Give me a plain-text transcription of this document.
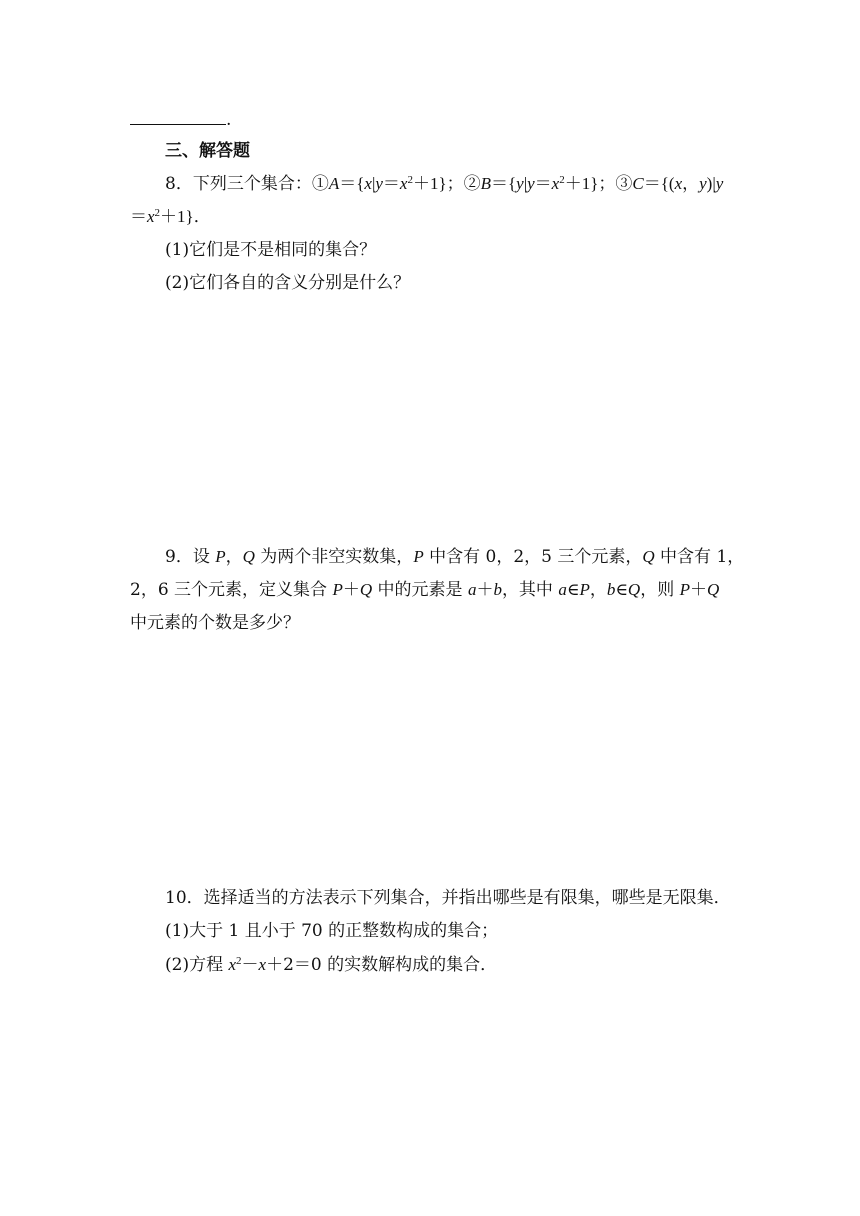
.
三、解答题
8．下列三个集合：$①A=\{x|y=x^2+1\}$；$②B=\{y|y=x^2+1\}$；③C＝{(x，y)|y
$=x^2+1$}．
(1)它们是不是相同的集合？
(2)它们各自的含义分别是什么？
9．设 P，Q 为两个非空实数集，P 中含有 0，2，5 三个元素，Q 中含有 1，
2，6 三个元素，定义集合 P＋Q 中的元素是 a＋b，其中 a∈P，b∈Q，则 P＋Q
中元素的个数是多少？
10．选择适当的方法表示下列集合，并指出哪些是有限集，哪些是无限集．
(1)大于 1 且小于 70 的正整数构成的集合；
(2)方程 $x^2-x+2=0$ 的实数解构成的集合．
